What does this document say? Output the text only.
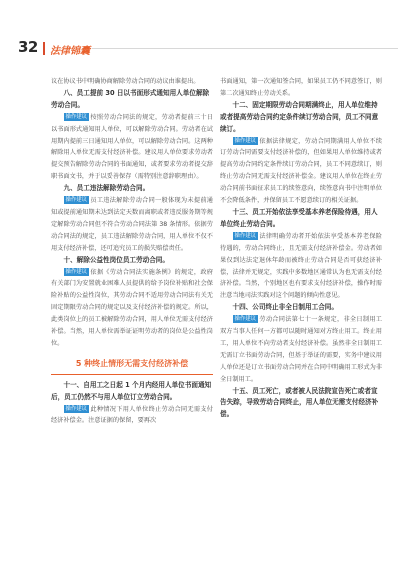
32 法律锦囊

议在协议书中明确协商解除劳动合同的动议由谁提出。

八、员工提前 30 日以书面形式通知用人单位解除劳动合同。

操作建议 按照劳动合同法的规定，劳动者提前三十日以书面形式通知用人单位，可以解除劳动合同。劳动者在试用期内提前三日通知用人单位，可以解除劳动合同。这两种解除用人单位无需支付经济补偿。建议用人单位要求劳动者提交预告解除劳动合同的书面通知，或者要求劳动者提交辞职书面文书，并于以妥善保存（需特别注意辞职理由）。

九、员工违法解除劳动合同。

操作建议 员工违法解除劳动合同一般体现为未提前通知或提前通知期未达到法定天数而离职或者违反服务期等规定解除劳动合同但不符合劳动合同法第 38 条情形。依据劳动合同法的规定，员工违法解除劳动合同，用人单位不仅不用支付经济补偿，还可追究员工的损失赔偿责任。

十、解除公益性岗位员工劳动合同。

操作建议 依据《劳动合同法实施条例》的规定，政府有关部门为安置就业困难人员提供的给予岗位补贴和社会保险补贴的公益性岗位，其劳动合同不适用劳动合同法有关无固定期限劳动合同的规定以及支付经济补偿的规定。所以，此类岗位上的员工被解除劳动合同，用人单位无需支付经济补偿。当然，用人单位需举证证明劳动者的岗位是公益性岗位。

5 种终止情形无需支付经济补偿

十一、自用工之日起 1 个月内经用人单位书面通知后，员工仍然不与用人单位订立劳动合同。

操作建议 此种情况下用人单位终止劳动合同无需支付经济补偿金。注意证据的保留，要再次

书面通知，第一次通知签合同，如果员工仍不同意签订，则第二次通知终止劳动关系。

十二、固定期限劳动合同期满终止，用人单位维持或者提高劳动合同约定条件续订劳动合同，员工不同意续订。

操作建议 依据法律规定，劳动合同期满用人单位不续订劳动合同需要支付经济补偿的，但如果用人单位维持或者提高劳动合同约定条件续订劳动合同，员工不同意续订，则终止劳动合同无需支付经济补偿金。建议用人单位在终止劳动合同前书面征求员工的续签意向，续签意向书中注明单位不会降低条件，并保留员工不愿意续订的相关证据。

十三、员工开始依法享受基本养老保险待遇，用人单位终止劳动合同。

操作建议 法律明确劳动者开始依法享受基本养老保险待遇的，劳动合同终止，且无需支付经济补偿金。劳动者如果仅到达法定退休年龄而被终止劳动合同是否可获经济补偿，法律并无规定，实践中多数地区通常认为也无需支付经济补偿。当然，个别地区也有要求支付经济补偿，操作时需注意当地司法实践对这个问题的倾向性意见。

十四、公司终止非全日制用工合同。

操作建议 劳动合同法第七十一条规定，非全日制用工双方当事人任何一方都可以随时通知对方终止用工。终止用工，用人单位不向劳动者支付经济补偿。虽然非全日制用工无需订立书面劳动合同，但基于举证的需要，实务中建议用人单位还是订立书面劳动合同并在合同中明确用工形式为非全日制用工。

十五、员工死亡，或者被人民法院宣告死亡或者宣告失踪，导致劳动合同终止，用人单位无需支付经济补偿。
